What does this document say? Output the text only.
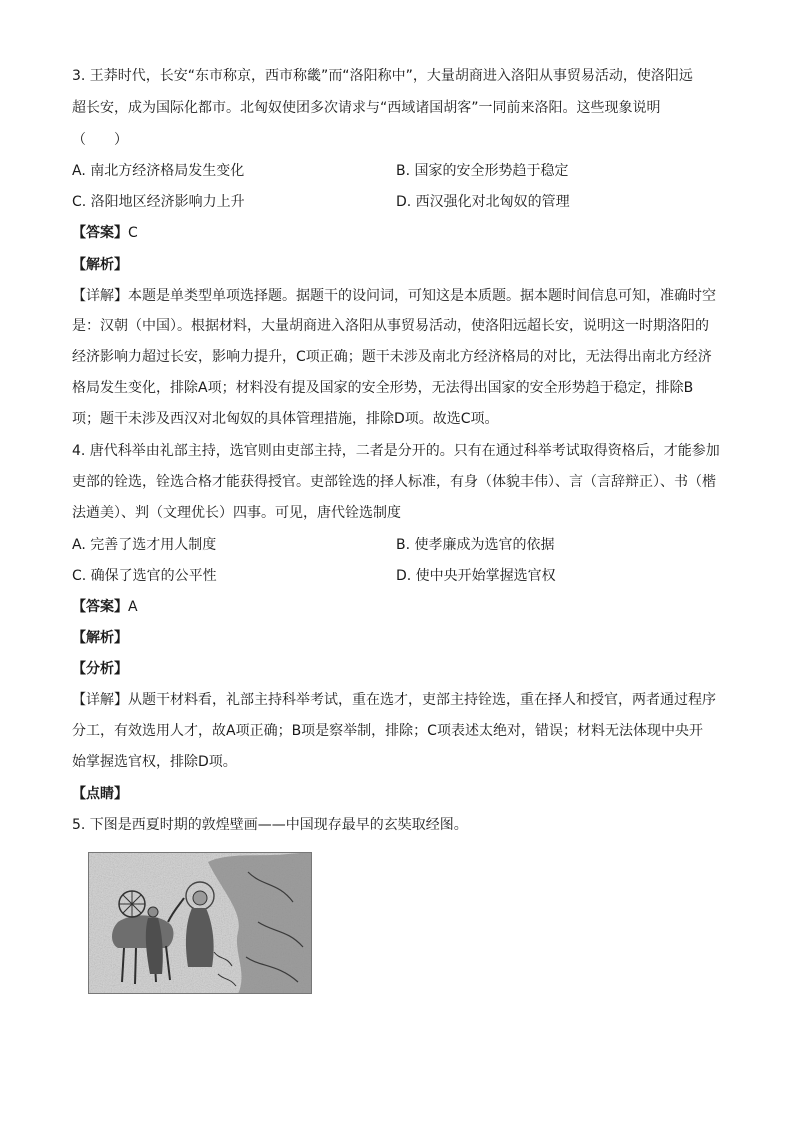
3. 王莽时代，长安“东市称京，西市称畿”而“洛阳称中”，大量胡商进入洛阳从事贸易活动，使洛阳远
超长安，成为国际化都市。北匈奴使团多次请求与“西域诸国胡客”一同前来洛阳。这些现象说明
（　　）
A. 南北方经济格局发生变化	B. 国家的安全形势趋于稳定
C. 洛阳地区经济影响力上升	D. 西汉强化对北匈奴的管理
【答案】C
【解析】
【详解】本题是单类型单项选择题。据题干的设问词，可知这是本质题。据本题时间信息可知，准确时空
是：汉朝（中国）。根据材料，大量胡商进入洛阳从事贸易活动，使洛阳远超长安，说明这一时期洛阳的
经济影响力超过长安，影响力提升，C项正确；题干未涉及南北方经济格局的对比，无法得出南北方经济
格局发生变化，排除A项；材料没有提及国家的安全形势，无法得出国家的安全形势趋于稳定，排除B
项；题干未涉及西汉对北匈奴的具体管理措施，排除D项。故选C项。
4. 唐代科举由礼部主持，选官则由吏部主持，二者是分开的。只有在通过科举考试取得资格后，才能参加
吏部的铨选，铨选合格才能获得授官。吏部铨选的择人标准，有身（体貌丰伟）、言（言辞辩正）、书（楷
法遒美）、判（文理优长）四事。可见，唐代铨选制度
A. 完善了选才用人制度	B. 使孝廉成为选官的依据
C. 确保了选官的公平性	D. 使中央开始掌握选官权
【答案】A
【解析】
【分析】
【详解】从题干材料看，礼部主持科举考试，重在选才，吏部主持铨选，重在择人和授官，两者通过程序
分工，有效选用人才，故A项正确；B项是察举制，排除；C项表述太绝对，错误；材料无法体现中央开
始掌握选官权，排除D项。
【点睛】
5. 下图是西夏时期的敦煌壁画——中国现存最早的玄奘取经图。
